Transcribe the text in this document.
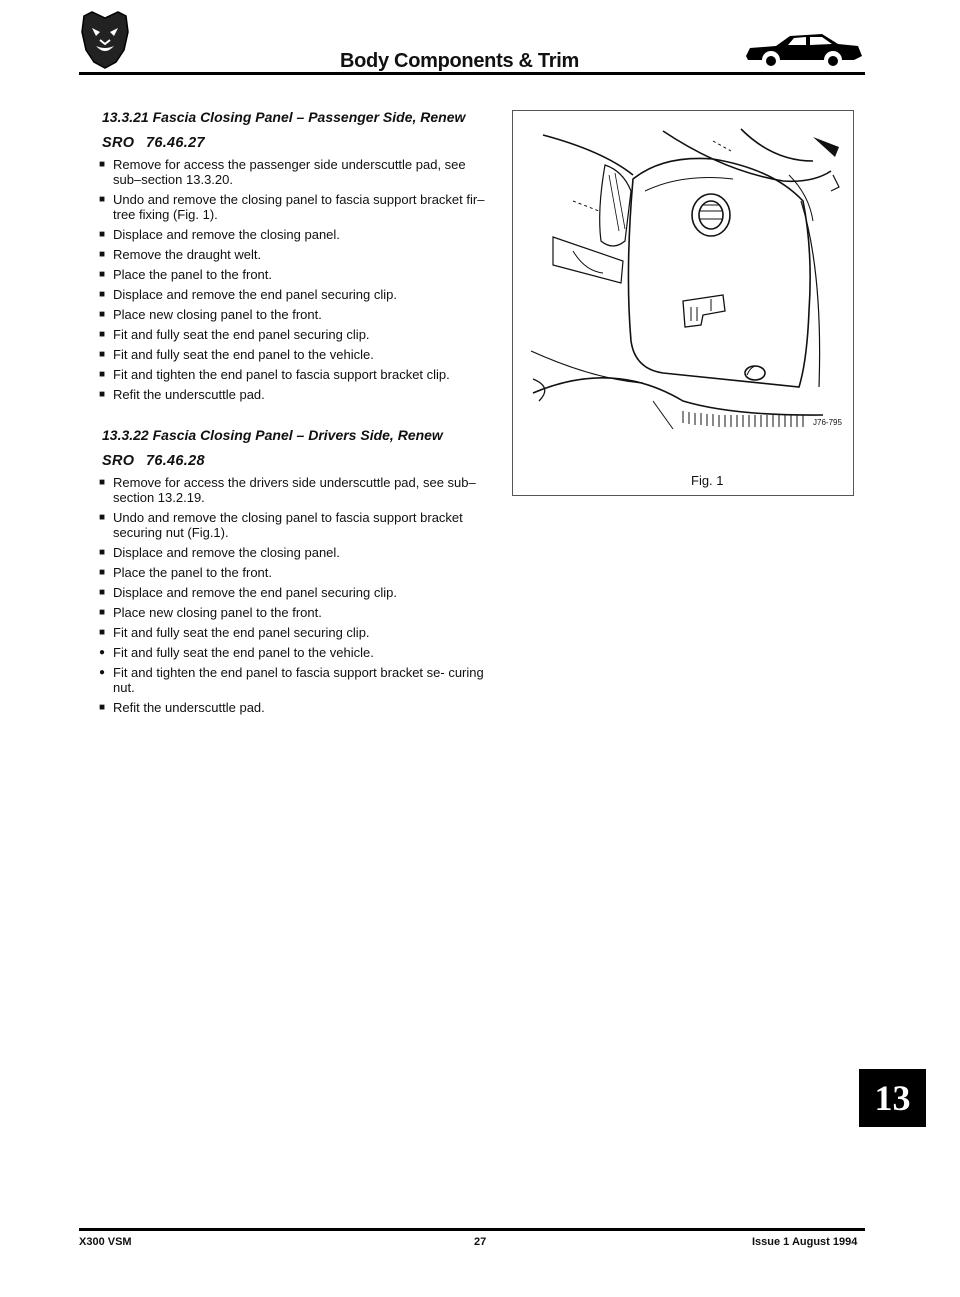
Body Components & Trim
13.3.21 Fascia Closing Panel – Passenger Side, Renew
SRO 76.46.27
■ Remove for access the passenger side underscuttle pad, see sub–section 13.3.20.
■ Undo and remove the closing panel to fascia support bracket fir–tree fixing (Fig. 1).
■ Displace and remove the closing panel.
■ Remove the draught welt.
■ Place the panel to the front.
■ Displace and remove the end panel securing clip.
■ Place new closing panel to the front.
■ Fit and fully seat the end panel securing clip.
■ Fit and fully seat the end panel to the vehicle.
■ Fit and tighten the end panel to fascia support bracket clip.
■ Refit the underscuttle pad.
13.3.22 Fascia Closing Panel – Drivers Side, Renew
SRO 76.46.28
■ Remove for access the drivers side underscuttle pad, see sub–section 13.2.19.
■ Undo and remove the closing panel to fascia support bracket securing nut (Fig.1).
■ Displace and remove the closing panel.
■ Place the panel to the front.
■ Displace and remove the end panel securing clip.
■ Place new closing panel to the front.
■ Fit and fully seat the end panel securing clip.
● Fit and fully seat the end panel to the vehicle.
● Fit and tighten the end panel to fascia support bracket se- curing nut.
■ Refit the underscuttle pad.
J76-795
Fig. 1
13
X300 VSM	27	Issue 1 August 1994
